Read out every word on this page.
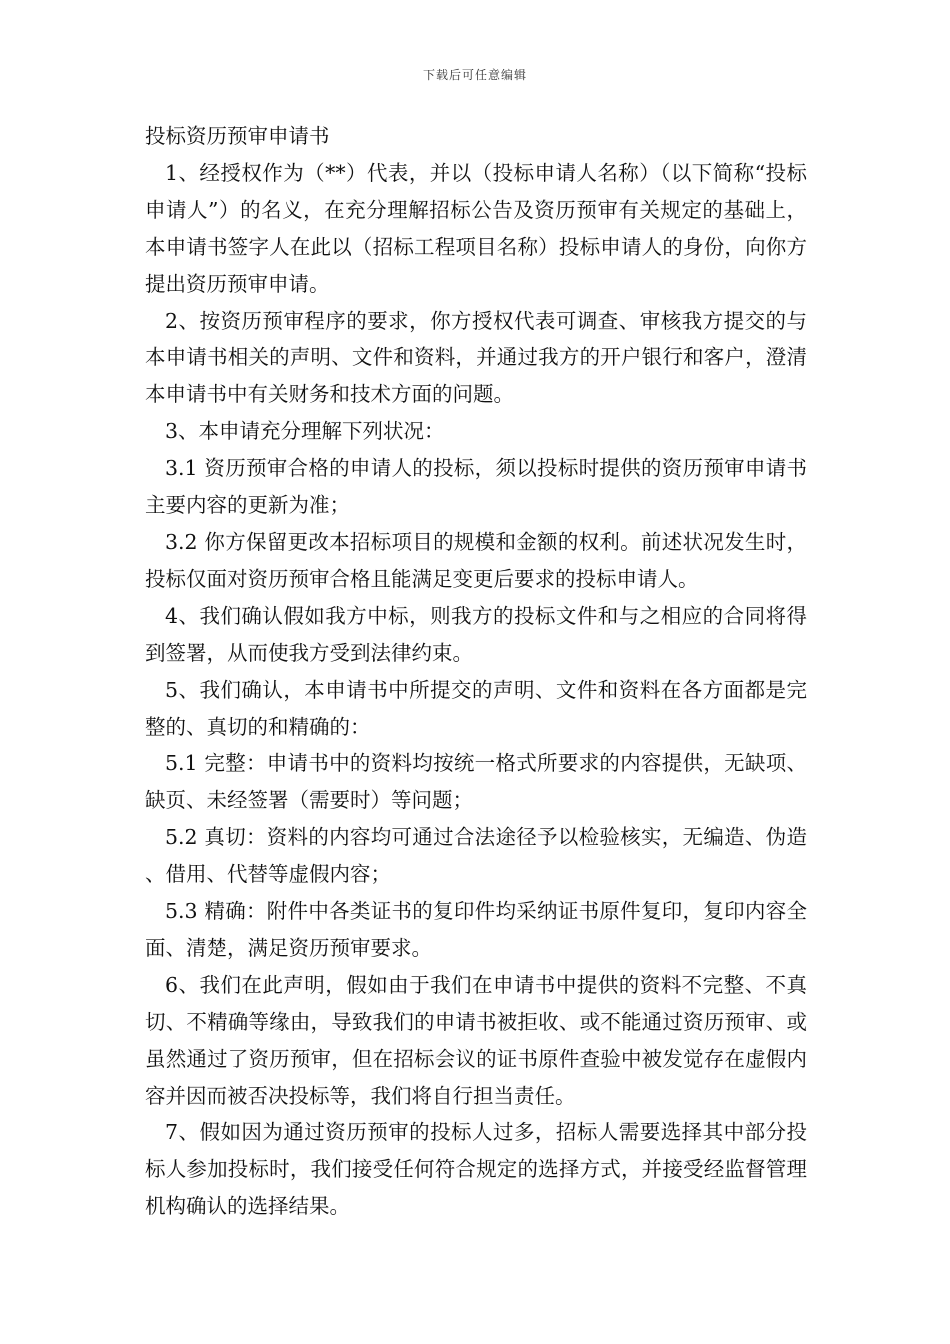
下载后可任意编辑
投标资历预审申请书

1、经授权作为（**）代表，并以（投标申请人名称）（以下简称“投标申请人”）的名义，在充分理解招标公告及资历预审有关规定的基础上，本申请书签字人在此以（招标工程项目名称）投标申请人的身份，向你方提出资历预审申请。

2、按资历预审程序的要求，你方授权代表可调查、审核我方提交的与本申请书相关的声明、文件和资料，并通过我方的开户银行和客户，澄清本申请书中有关财务和技术方面的问题。

3、本申请充分理解下列状况：

3.1 资历预审合格的申请人的投标，须以投标时提供的资历预审申请书主要内容的更新为准；

3.2 你方保留更改本招标项目的规模和金额的权利。前述状况发生时，投标仅面对资历预审合格且能满足变更后要求的投标申请人。

4、我们确认假如我方中标，则我方的投标文件和与之相应的合同将得到签署，从而使我方受到法律约束。

5、我们确认，本申请书中所提交的声明、文件和资料在各方面都是完整的、真切的和精确的：

5.1 完整：申请书中的资料均按统一格式所要求的内容提供，无缺项、缺页、未经签署（需要时）等问题；

5.2 真切：资料的内容均可通过合法途径予以检验核实，无编造、伪造、借用、代替等虚假内容；

5.3 精确：附件中各类证书的复印件均采纳证书原件复印，复印内容全面、清楚，满足资历预审要求。

6、我们在此声明，假如由于我们在申请书中提供的资料不完整、不真切、不精确等缘由，导致我们的申请书被拒收、或不能通过资历预审、或虽然通过了资历预审，但在招标会议的证书原件查验中被发觉存在虚假内容并因而被否决投标等，我们将自行担当责任。

7、假如因为通过资历预审的投标人过多，招标人需要选择其中部分投标人参加投标时，我们接受任何符合规定的选择方式，并接受经监督管理机构确认的选择结果。
